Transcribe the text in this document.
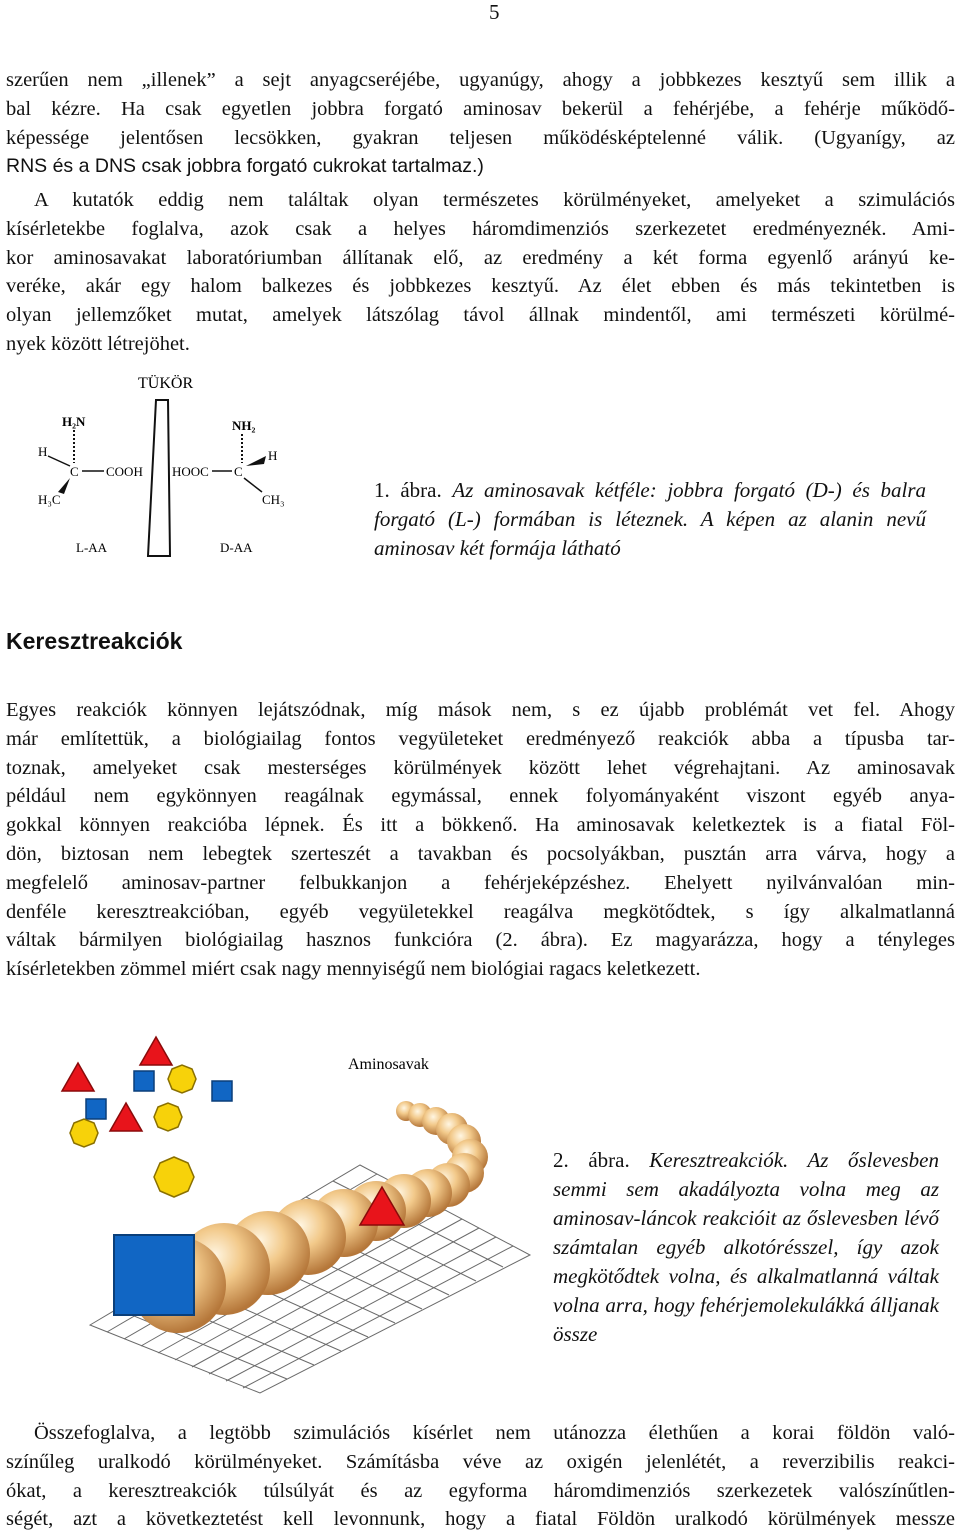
5
szerűen nem „illenek” a sejt anyagcseréjébe, ugyanúgy, ahogy a jobbkezes kesztyű sem illik a
bal kézre. Ha csak egyetlen jobbra forgató aminosav bekerül a fehérjébe, a fehérje működő-
képessége jelentősen lecsökken, gyakran teljesen működésképtelenné válik. (Ugyanígy, az
RNS és a DNS csak jobbra forgató cukrokat tartalmaz.)
A kutatók eddig nem találtak olyan természetes körülményeket, amelyeket a szimulációs
kísérletekbe foglalva, azok csak a helyes háromdimenziós szerkezetet eredményeznék. Ami-
kor aminosavakat laboratóriumban állítanak elő, az eredmény a két forma egyenlő arányú ke-
veréke, akár egy halom balkezes és jobbkezes kesztyű. Az élet ebben és más tekintetben is
olyan jellemzőket mutat, amelyek látszólag távol állnak mindentől, ami természeti körülmé-
nyek között létrejöhet.
TÜKÖR
H₂N
H
C COOH
H₃C
L-AA
NH₂
HOOC C
H
CH₃
D-AA
1. ábra. Az aminosavak kétféle: jobbra forgató (D-) és balra forgató (L-) formában is léteznek. A képen az alanin nevű aminosav két formája látható
Keresztreakciók
Egyes reakciók könnyen lejátszódnak, míg mások nem, s ez újabb problémát vet fel. Ahogy
már említettük, a biológiailag fontos vegyületeket eredményező reakciók abba a típusba tar-
toznak, amelyeket csak mesterséges körülmények között lehet végrehajtani. Az aminosavak
például nem egykönnyen reagálnak egymással, ennek folyományaként viszont egyéb anya-
gokkal könnyen reakcióba lépnek. És itt a bökkenő. Ha aminosavak keletkeztek is a fiatal Föl-
dön, biztosan nem lebegtek szerteszét a tavakban és pocsolyákban, pusztán arra várva, hogy a
megfelelő aminosav-partner felbukkanjon a fehérjeképzéshez. Ehelyett nyilvánvalóan min-
denféle keresztreakcióban, egyéb vegyületekkel reagálva megkötődtek, s így alkalmatlanná
váltak bármilyen biológiailag hasznos funkcióra (2. ábra). Ez magyarázza, hogy a tényleges
kísérletekben zömmel miért csak nagy mennyiségű nem biológiai ragacs keletkezett.
Aminosavak
2. ábra. Keresztreakciók. Az őslevesben semmi sem akadályozta volna meg az aminosav-láncok reakcióit az őslevesben lévő számtalan egyéb alkotórésszel, így azok megkötődtek volna, és alkalmatlanná váltak volna arra, hogy fehérjemolekulákká álljanak össze
Összefoglalva, a legtöbb szimulációs kísérlet nem utánozza élethűen a korai földön való-
színűleg uralkodó körülményeket. Számításba véve az oxigén jelenlétét, a reverzibilis reakci-
ókat, a keresztreakciók túlsúlyát és az egyforma háromdimenziós szerkezetek valószínűtlen-
ségét, azt a következtetést kell levonnunk, hogy a fiatal Földön uralkodó körülmények messze
